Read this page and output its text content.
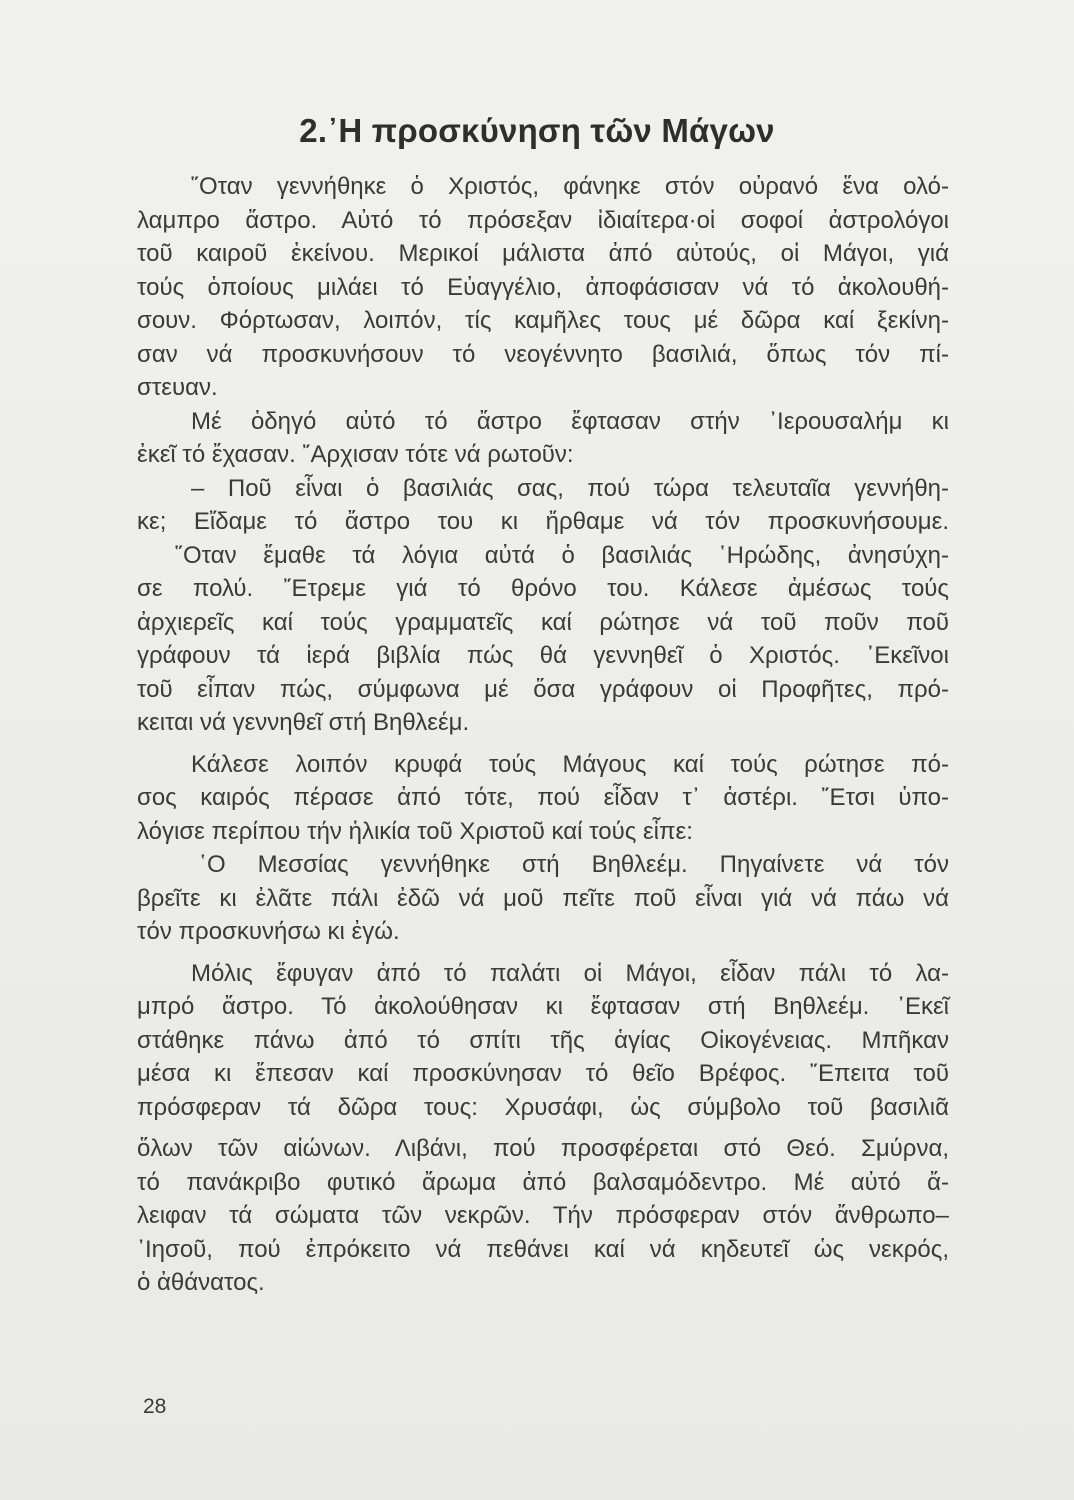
2.᾿Η προσκύνηση τῶν Μάγων
῞Οταν γεννήθηκε ὁ Χριστός, φάνηκε στόν οὐρανό ἕνα ολό-
λαμπρο ἄστρο. Αὐτό τό πρόσεξαν ἰδιαίτερα·οἱ σοφοί ἀστρολόγοι
τοῦ καιροῦ ἐκείνου. Μερικοί μάλιστα ἀπό αὐτούς, οἱ Μάγοι, γιά
τούς ὁποίους μιλάει τό Εὐαγγέλιο, ἀποφάσισαν νά τό ἀκολουθή-
σουν. Φόρτωσαν, λοιπόν, τίς καμῆλες τους μέ δῶρα καί ξεκίνη-
σαν νά προσκυνήσουν τό νεογέννητο βασιλιά, ὅπως τόν πί-
στευαν.
Μέ ὁδηγό αὐτό τό ἄστρο ἔφτασαν στήν ᾿Ιερουσαλήμ κι
ἐκεῖ τό ἔχασαν. ῎Αρχισαν τότε νά ρωτοῦν:
– Ποῦ εἶναι ὁ βασιλιάς σας, πού τώρα τελευταῖα γεννήθη-
κε; Εἴδαμε τό ἄστρο του κι ἤρθαμε νά τόν προσκυνήσουμε.
῞Οταν ἔμαθε τά λόγια αὐτά ὁ βασιλιάς ῾Ηρώδης, ἀνησύχη-
σε πολύ. ῎Ετρεμε γιά τό θρόνο του. Κάλεσε ἀμέσως τούς
ἀρχιερεῖς καί τούς γραμματεῖς καί ρώτησε νά τοῦ ποῦν ποῦ
γράφουν τά ἱερά βιβλία πώς θά γεννηθεῖ ὁ Χριστός. ᾿Εκεῖνοι
τοῦ εἶπαν πώς, σύμφωνα μέ ὅσα γράφουν οἱ Προφῆτες, πρό-
κειται νά γεννηθεῖ στή Βηθλεέμ.
Κάλεσε λοιπόν κρυφά τούς Μάγους καί τούς ρώτησε πό-
σος καιρός πέρασε ἀπό τότε, πού εἶδαν τ᾿ ἀστέρι. ῎Ετσι ὑπο-
λόγισε περίπου τήν ἡλικία τοῦ Χριστοῦ καί τούς εἶπε:
῾Ο Μεσσίας γεννήθηκε στή Βηθλεέμ. Πηγαίνετε νά τόν
βρεῖτε κι ἐλᾶτε πάλι ἐδῶ νά μοῦ πεῖτε ποῦ εἶναι γιά νά πάω νά
τόν προσκυνήσω κι ἐγώ.
Μόλις ἔφυγαν ἀπό τό παλάτι οἱ Μάγοι, εἶδαν πάλι τό λα-
μπρό ἄστρο. Τό ἀκολούθησαν κι ἔφτασαν στή Βηθλεέμ. ᾿Εκεῖ
στάθηκε πάνω ἀπό τό σπίτι τῆς ἁγίας Οἰκογένειας. Μπῆκαν
μέσα κι ἔπεσαν καί προσκύνησαν τό θεῖο Βρέφος. ῎Επειτα τοῦ
πρόσφεραν τά δῶρα τους: Χρυσάφι, ὡς σύμβολο τοῦ βασιλιᾶ
ὅλων τῶν αἰώνων. Λιβάνι, πού προσφέρεται στό Θεό. Σμύρνα,
τό πανάκριβο φυτικό ἄρωμα ἀπό βαλσαμόδεντρο. Μέ αὐτό ἄ-
λειφαν τά σώματα τῶν νεκρῶν. Τήν πρόσφεραν στόν ἄνθρωπο–
᾿Ιησοῦ, πού ἐπρόκειτο νά πεθάνει καί νά κηδευτεῖ ὡς νεκρός,
ὁ ἀθάνατος.
28
